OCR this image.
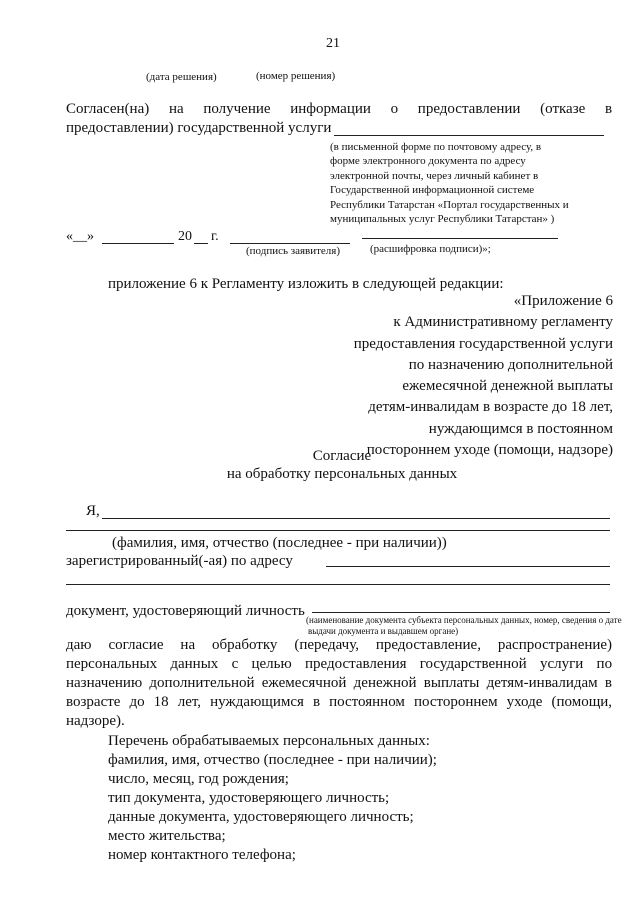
21
(дата решения)	(номер решения)
Согласен(на) на получение информации о предоставлении (отказе в
предоставлении) государственной услуги
(в письменной форме по почтовому адресу, в
форме электронного документа по адресу
электронной почты, через личный кабинет в
Государственной информационной системе
Республики Татарстан «Портал государственных и
муниципальных услуг Республики Татарстан» )
«__»	20 г.
(подпись заявителя)	(расшифровка подписи)»;
приложение 6 к Регламенту изложить в следующей редакции:
«Приложение 6
к Административному регламенту
предоставления государственной услуги
по назначению дополнительной
ежемесячной денежной выплаты
детям-инвалидам в возрасте до 18 лет,
нуждающимся в постоянном
постороннем уходе (помощи, надзоре)
Согласие
на обработку персональных данных
Я,
(фамилия, имя, отчество (последнее - при наличии))
зарегистрированный(-ая) по адресу
документ, удостоверяющий личность
(наименование документа субъекта персональных данных, номер, сведения о дате
выдачи документа и выдавшем органе)
даю согласие на обработку (передачу, предоставление, распространение)
персональных данных с целью предоставления государственной услуги по
назначению дополнительной ежемесячной денежной выплаты детям-инвалидам в
возрасте до 18 лет, нуждающимся в постоянном постороннем уходе (помощи,
надзоре).
Перечень обрабатываемых персональных данных:
фамилия, имя, отчество (последнее - при наличии);
число, месяц, год рождения;
тип документа, удостоверяющего личность;
данные документа, удостоверяющего личность;
место жительства;
номер контактного телефона;
